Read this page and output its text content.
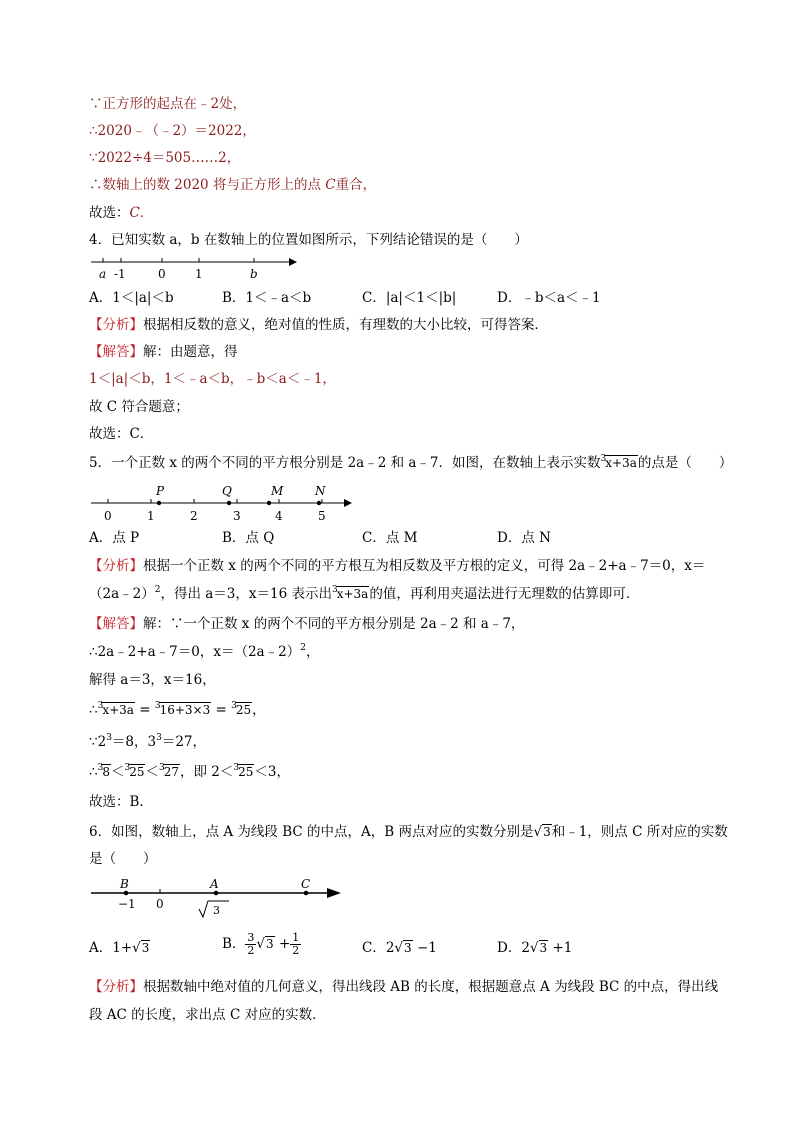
∵正方形的起点在﹣2处，
∴2020﹣（﹣2）＝2022，
∵2022÷4＝505……2，
∴数轴上的数 2020 将与正方形上的点 C重合，
故选：C．
4．已知实数 a，b 在数轴上的位置如图所示，下列结论错误的是（　　）
a -1	0 1	b
A．1＜|a|＜b	B．1＜﹣a＜b	C．|a|＜1＜|b|	D．﹣b＜a＜﹣1
【分析】根据相反数的意义，绝对值的性质，有理数的大小比较，可得答案．
【解答】解：由题意，得
1＜|a|＜b，1＜﹣a＜b，﹣b＜a＜﹣1，
故 C 符合题意；
故选：C．
5．一个正数 x 的两个不同的平方根分别是 2a﹣2 和 a﹣7．如图，在数轴上表示实数$^3$x+3a的点是（　　）
P	Q	M	N
0	1	2	3	4	5
A．点 P	B．点 Q	C．点 M	D．点 N
【分析】根据一个正数 x 的两个不同的平方根互为相反数及平方根的定义，可得 2a﹣2+a﹣7＝0，x＝
（2a﹣2）$^2$，得出 a＝3，x＝16 表示出$^3$x+3a的值，再利用夹逼法进行无理数的估算即可．
【解答】解：∵一个正数 x 的两个不同的平方根分别是 2a﹣2 和 a﹣7，
∴2a﹣2+a﹣7＝0，x＝（2a﹣2）$^2$，
解得 a＝3，x＝16，
∴$^3$x+3a = $^3$16+3×3 = $^3$25，
$\because 2^3=8$，$3^3=27$，
∴$^3$8＜$^3$25＜$^3$27，即 2＜$^3$25＜3，
故选：B．
6．如图，数轴上，点 A 为线段 BC 的中点，A，B 两点对应的实数分别是√3和﹣1，则点 C 所对应的实数
是（　　）
B	A	C
−1 0	3
A．1+√3	B． $\frac{3}{2} √3 + \frac{1}{2}$	C．2√3 −1	D．2√3 +1
【分析】根据数轴中绝对值的几何意义，得出线段 AB 的长度，根据题意点 A 为线段 BC 的中点，得出线
段 AC 的长度，求出点 C 对应的实数．
